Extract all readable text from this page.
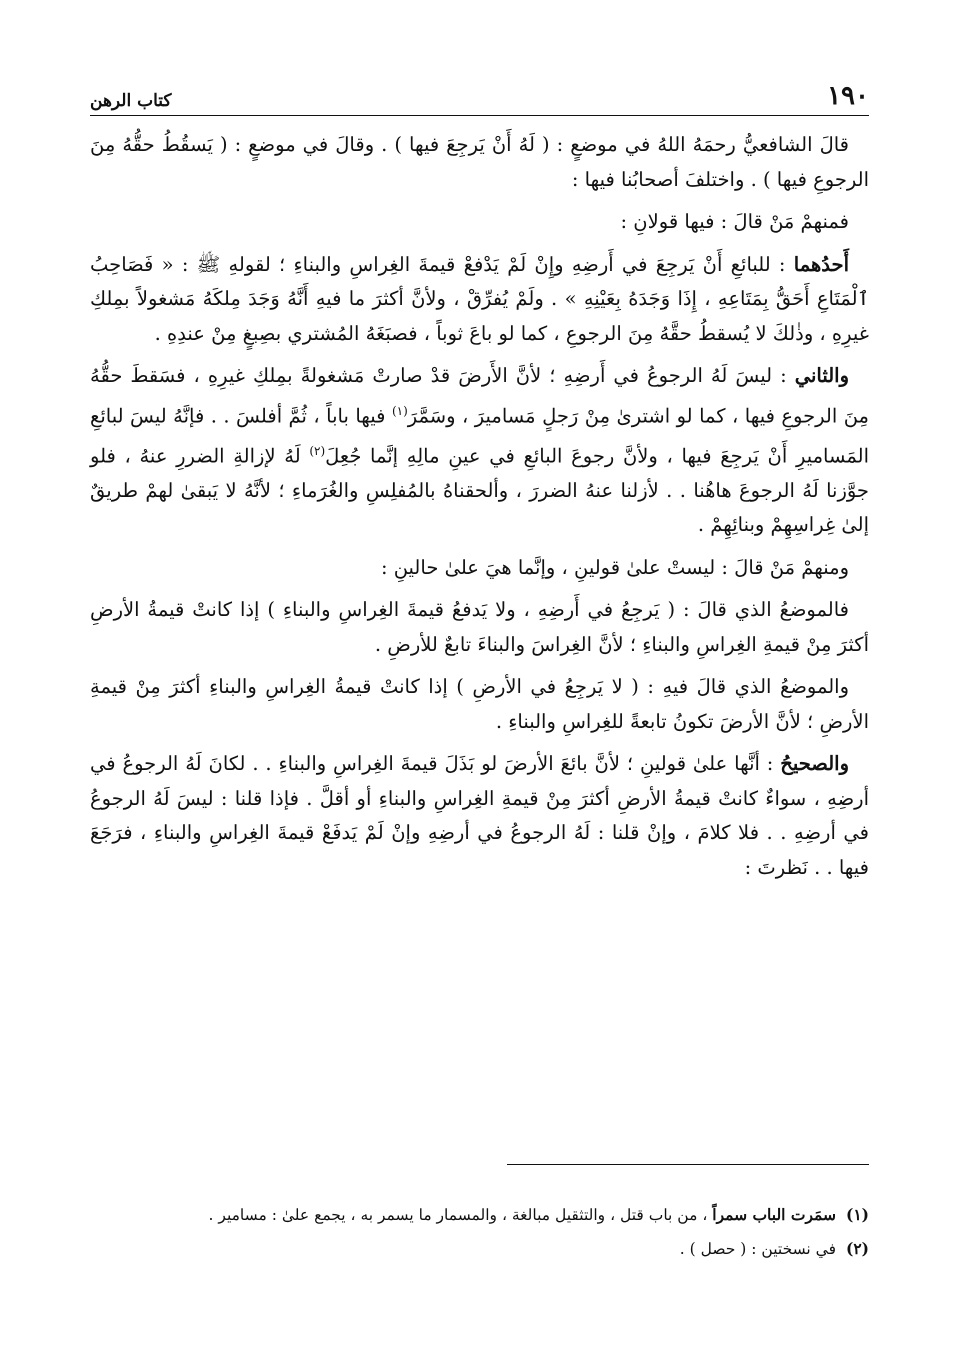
١٩٠
كتاب الرهن

قالَ الشافعيُّ رحمَهُ اللهُ في موضعٍ : ( لَهُ أَنْ يَرجِعَ فيها ) . وقالَ في موضعٍ : ( يَسقُطُ حقُّهُ مِنَ الرجوعِ فيها ) . واختلفَ أصحابُنا فيها :

فمنهمْ مَنْ قالَ : فيها قولانِ :

أَحدُهما : للبائعِ أَنْ يَرجِعَ في أَرضِهِ وإِنْ لَمْ يَدْفعْ قيمةَ الغِراسِ والبناءِ ؛ لقولهِ ﷺ : « فَصَاحِبُ ٱلْمَتَاعِ أَحَقُّ بِمَتَاعِهِ ، إِذَا وَجَدَهُ بِعَيْنِهِ » . ولَمْ يُفرِّقْ ، ولأنَّ أكثرَ ما فيهِ أَنَّهُ وَجَدَ مِلكَهُ مَشغولاً بمِلكِ غيرِهِ ، وذٰلكَ لا يُسقطُ حقَّهُ مِنَ الرجوعِ ، كما لو باعَ ثوباً ، فصبَغَهُ المُشتري بصِبغٍ مِنْ عندِهِ .

والثاني : ليسَ لَهُ الرجوعُ في أَرضِهِ ؛ لأنَّ الأَرضَ قدْ صارتْ مَشغولةً بمِلكِ غيرِهِ ، فسَقطَ حقُّهُ مِنَ الرجوعِ فيها ، كما لو اشترىٰ مِنْ رَجلٍ مَساميرَ ، وسَمَّرَ$^{(١)}$ فيها باباً ، ثُمَّ أفلسَ . . فإنَّهُ ليسَ لبائعِ المَساميرِ أَنْ يَرجِعَ فيها ، ولأنَّ رجوعَ البائعِ في عينِ مالِهِ إنَّما جُعِلَ$^{(٢)}$ لَهُ لإزالةِ الضررِ عنهُ ، فلو جوَّزنا لَهُ الرجوعَ هاهُنا . . لأزلنا عنهُ الضررَ ، وألحقناهُ بالمُفلِسِ والغُرَماءِ ؛ لأنَّهُ لا يَبقىٰ لهمْ طريقٌ إلىٰ غِراسِهِمْ وبنائِهِمْ .

ومنهمْ مَنْ قالَ : ليستْ علىٰ قولينِ ، وإنَّما هيَ علىٰ حالينِ :

فالموضعُ الذي قالَ : ( يَرجِعُ في أَرضِهِ ، ولا يَدفعُ قيمةَ الغِراسِ والبناءِ ) إذا كانتْ قيمةُ الأرضِ أكثرَ مِنْ قيمةِ الغِراسِ والبناءِ ؛ لأنَّ الغِراسَ والبناءَ تابعٌ للأرضِ .

والموضعُ الذي قالَ فيهِ : ( لا يَرجِعُ في الأرضِ ) إذا كانتْ قيمةُ الغِراسِ والبناءِ أكثرَ مِنْ قيمةِ الأرضِ ؛ لأنَّ الأرضَ تكونُ تابعةً للغِراسِ والبناءِ .

والصحيحُ : أنَّها علىٰ قولينِ ؛ لأنَّ بائعَ الأرضَ لو بَذَلَ قيمةَ الغِراسِ والبناءِ . . لكانَ لَهُ الرجوعُ في أرضِهِ ، سواءٌ كانتْ قيمةُ الأرضِ أكثرَ مِنْ قيمةِ الغِراسِ والبناءِ أو أقلَّ . فإذا قلنا : ليسَ لَهُ الرجوعُ في أرضِهِ . . فلا كلامَ ، وإنْ قلنا : لَهُ الرجوعُ في أرضِهِ وإنْ لَمْ يَدفَعْ قيمةَ الغِراسِ والبناءِ ، فرَجَعَ فيها . . نَظرتَ :

(١)
سمَرت الباب سمراً ، من باب قتل ، والتثقيل مبالغة ، والمسمار ما يسمر به ، يجمع علىٰ : مسامير .
(٢)
في نسختين : ( حصل ) .
